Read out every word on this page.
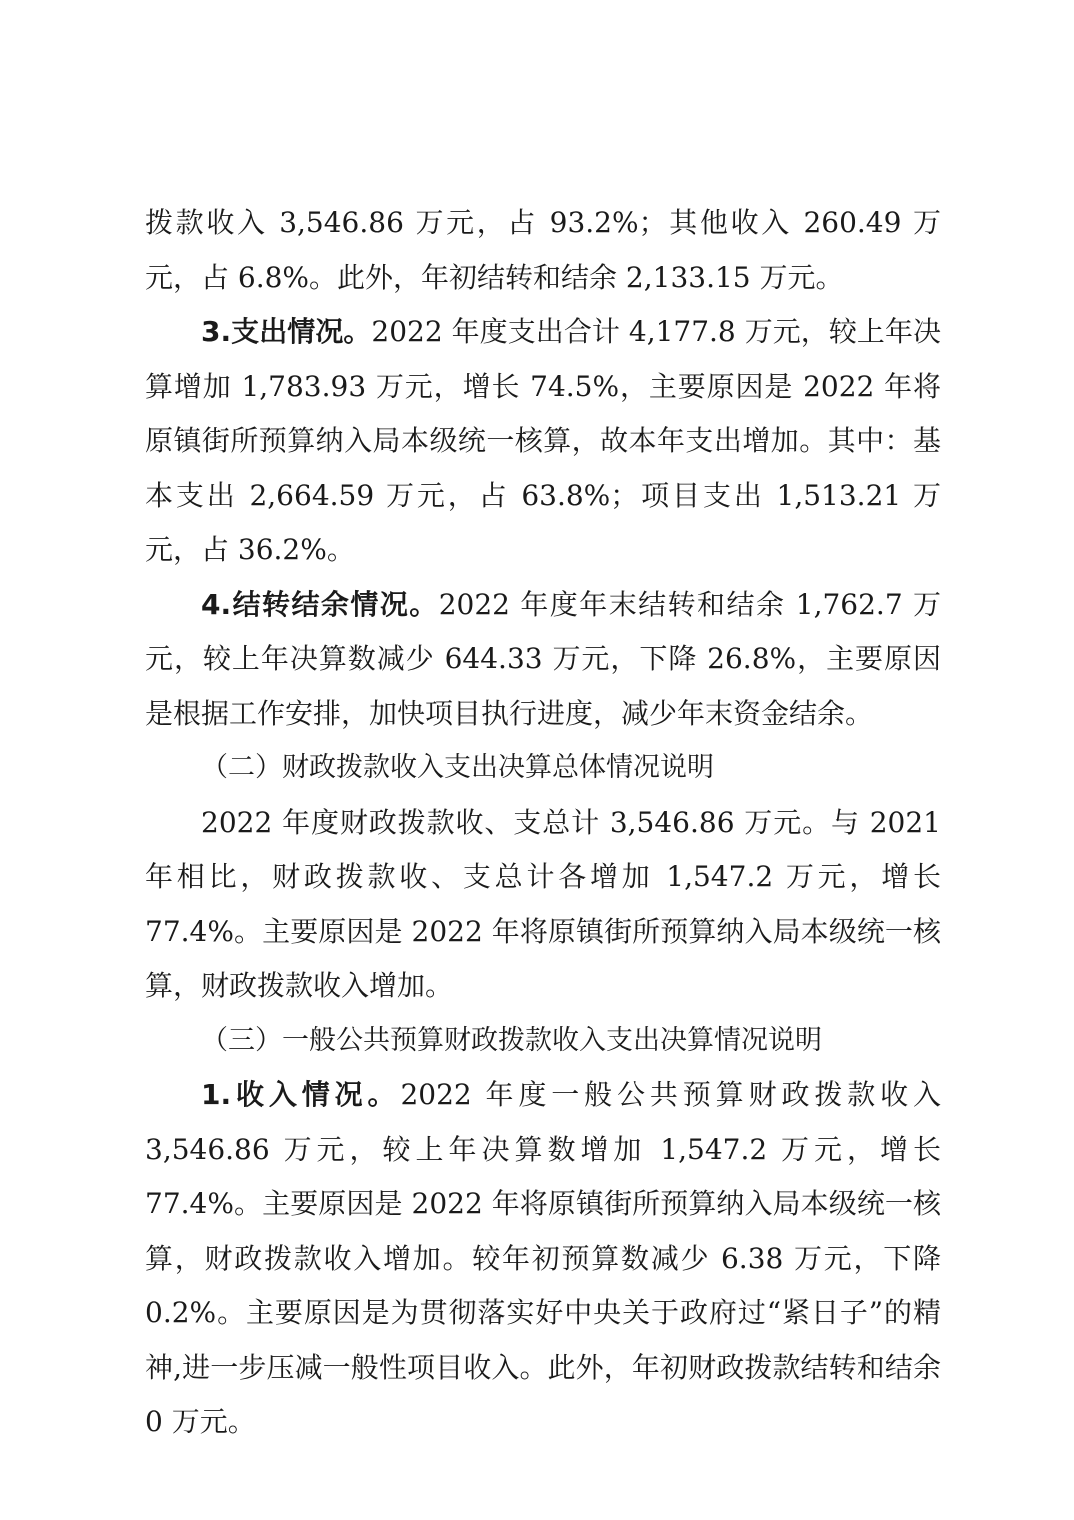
拨款收入 3,546.86 万元，占 93.2%；其他收入 260.49 万元，占 6.8%。此外，年初结转和结余 2,133.15 万元。

3.支出情况。2022 年度支出合计 4,177.8 万元，较上年决算增加 1,783.93 万元，增长 74.5%，主要原因是 2022 年将原镇街所预算纳入局本级统一核算，故本年支出增加。其中：基本支出 2,664.59 万元，占 63.8%；项目支出 1,513.21 万元，占 36.2%。

4.结转结余情况。2022 年度年末结转和结余 1,762.7 万元，较上年决算数减少 644.33 万元，下降 26.8%，主要原因是根据工作安排，加快项目执行进度，减少年末资金结余。

（二）财政拨款收入支出决算总体情况说明

2022 年度财政拨款收、支总计 3,546.86 万元。与 2021 年相比，财政拨款收、支总计各增加 1,547.2 万元，增长 77.4%。主要原因是 2022 年将原镇街所预算纳入局本级统一核算，财政拨款收入增加。

（三）一般公共预算财政拨款收入支出决算情况说明

1.收入情况。2022 年度一般公共预算财政拨款收入 3,546.86 万元，较上年决算数增加 1,547.2 万元，增长 77.4%。主要原因是 2022 年将原镇街所预算纳入局本级统一核算，财政拨款收入增加。较年初预算数减少 6.38 万元，下降 0.2%。主要原因是为贯彻落实好中央关于政府过“紧日子”的精神,进一步压减一般性项目收入。此外，年初财政拨款结转和结余 0 万元。
